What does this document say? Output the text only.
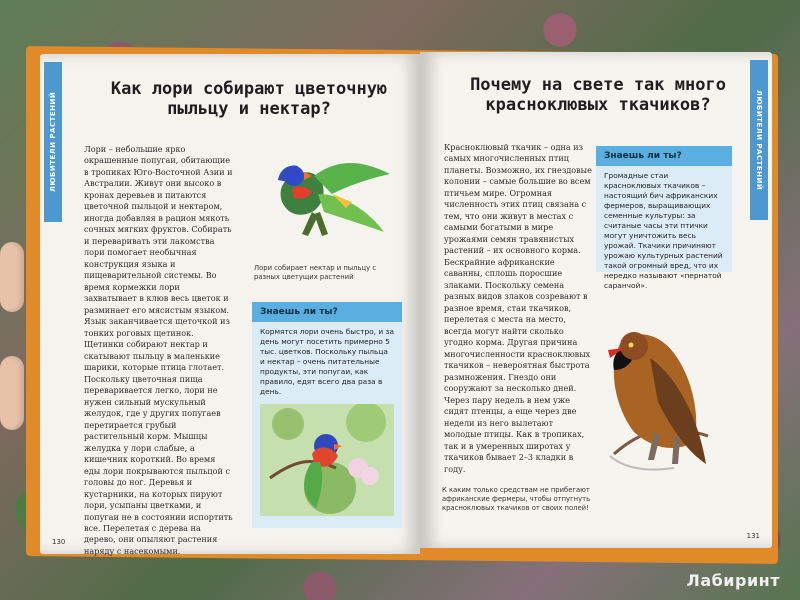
ЛЮБИТЕЛИ РАСТЕНИЙ
Как лори собирают цветочную пыльцу и нектар?
Лори – небольшие ярко окрашенные попугаи, обитающие в тропиках Юго-Восточной Азии и Австралии. Живут они высоко в кронах деревьев и питаются цветочной пыльцой и нектаром, иногда добавляя в рацион мякоть сочных мягких фруктов. Собирать и переваривать эти лакомства лори помогает необычная конструкция языка и пищеварительной системы. Во время кормежки лори захватывает в клюв весь цветок и разминает его мясистым языком. Язык заканчивается щеточкой из тонких роговых щетинок. Щетинки собирают нектар и скатывают пыльцу в маленькие шарики, которые птица глотает. Поскольку цветочная пища переваривается легко, лори не нужен сильный мускульный желудок, где у других попугаев перетирается грубый растительный корм. Мышцы желудка у лори слабые, а кишечник короткий. Во время еды лори покрываются пыльцой с головы до ног. Деревья и кустарники, на которых пируют лори, усыпаны цветками, и попугаи не в состоянии испортить все. Перелетая с дерева на дерево, они опыляют растения наряду с насекомыми.
Лори собирает нектар и пыльцу с разных цветущих растений
Знаешь ли ты?
Кормятся лори очень быстро, и за день могут посетить примерно 5 тыс. цветков. Поскольку пыльца и нектар – очень питательные продукты, эти попугаи, как правило, едят всего два раза в день.
130
ЛЮБИТЕЛИ РАСТЕНИЙ
Почему на свете так много красноклювых ткачиков?
Красноклювый ткачик – одна из самых многочисленных птиц планеты. Возможно, их гнездовые колонии – самые большие во всем птичьем мире. Огромная численность этих птиц связана с тем, что они живут в местах с самыми богатыми в мире урожаями семян травянистых растений – их основного корма. Бескрайние африканские саванны, сплошь поросшие злаками. Поскольку семена разных видов злаков созревают в разное время, стаи ткачиков, перелетая с места на место, всегда могут найти сколько угодно корма. Другая причина многочисленности красноклювых ткачиков – невероятная быстрота размножения. Гнездо они сооружают за несколько дней. Через пару недель в нем уже сидят птенцы, а еще через две недели из него вылетают молодые птицы. Как в тропиках, так и в умеренных широтах у ткачиков бывает 2–3 кладки в году.
Знаешь ли ты?
Громадные стаи красноклювых ткачиков – настоящий бич африканских фермеров, выращивающих семенные культуры: за считаные часы эти птички могут уничтожить весь урожай. Ткачики причиняют урожаю культурных растений такой огромный вред, что их нередко называют «пернатой саранчой».
К каким только средствам не прибегают африканские фермеры, чтобы отпугнуть красноклювых ткачиков от своих полей!
131
Лабиринт
